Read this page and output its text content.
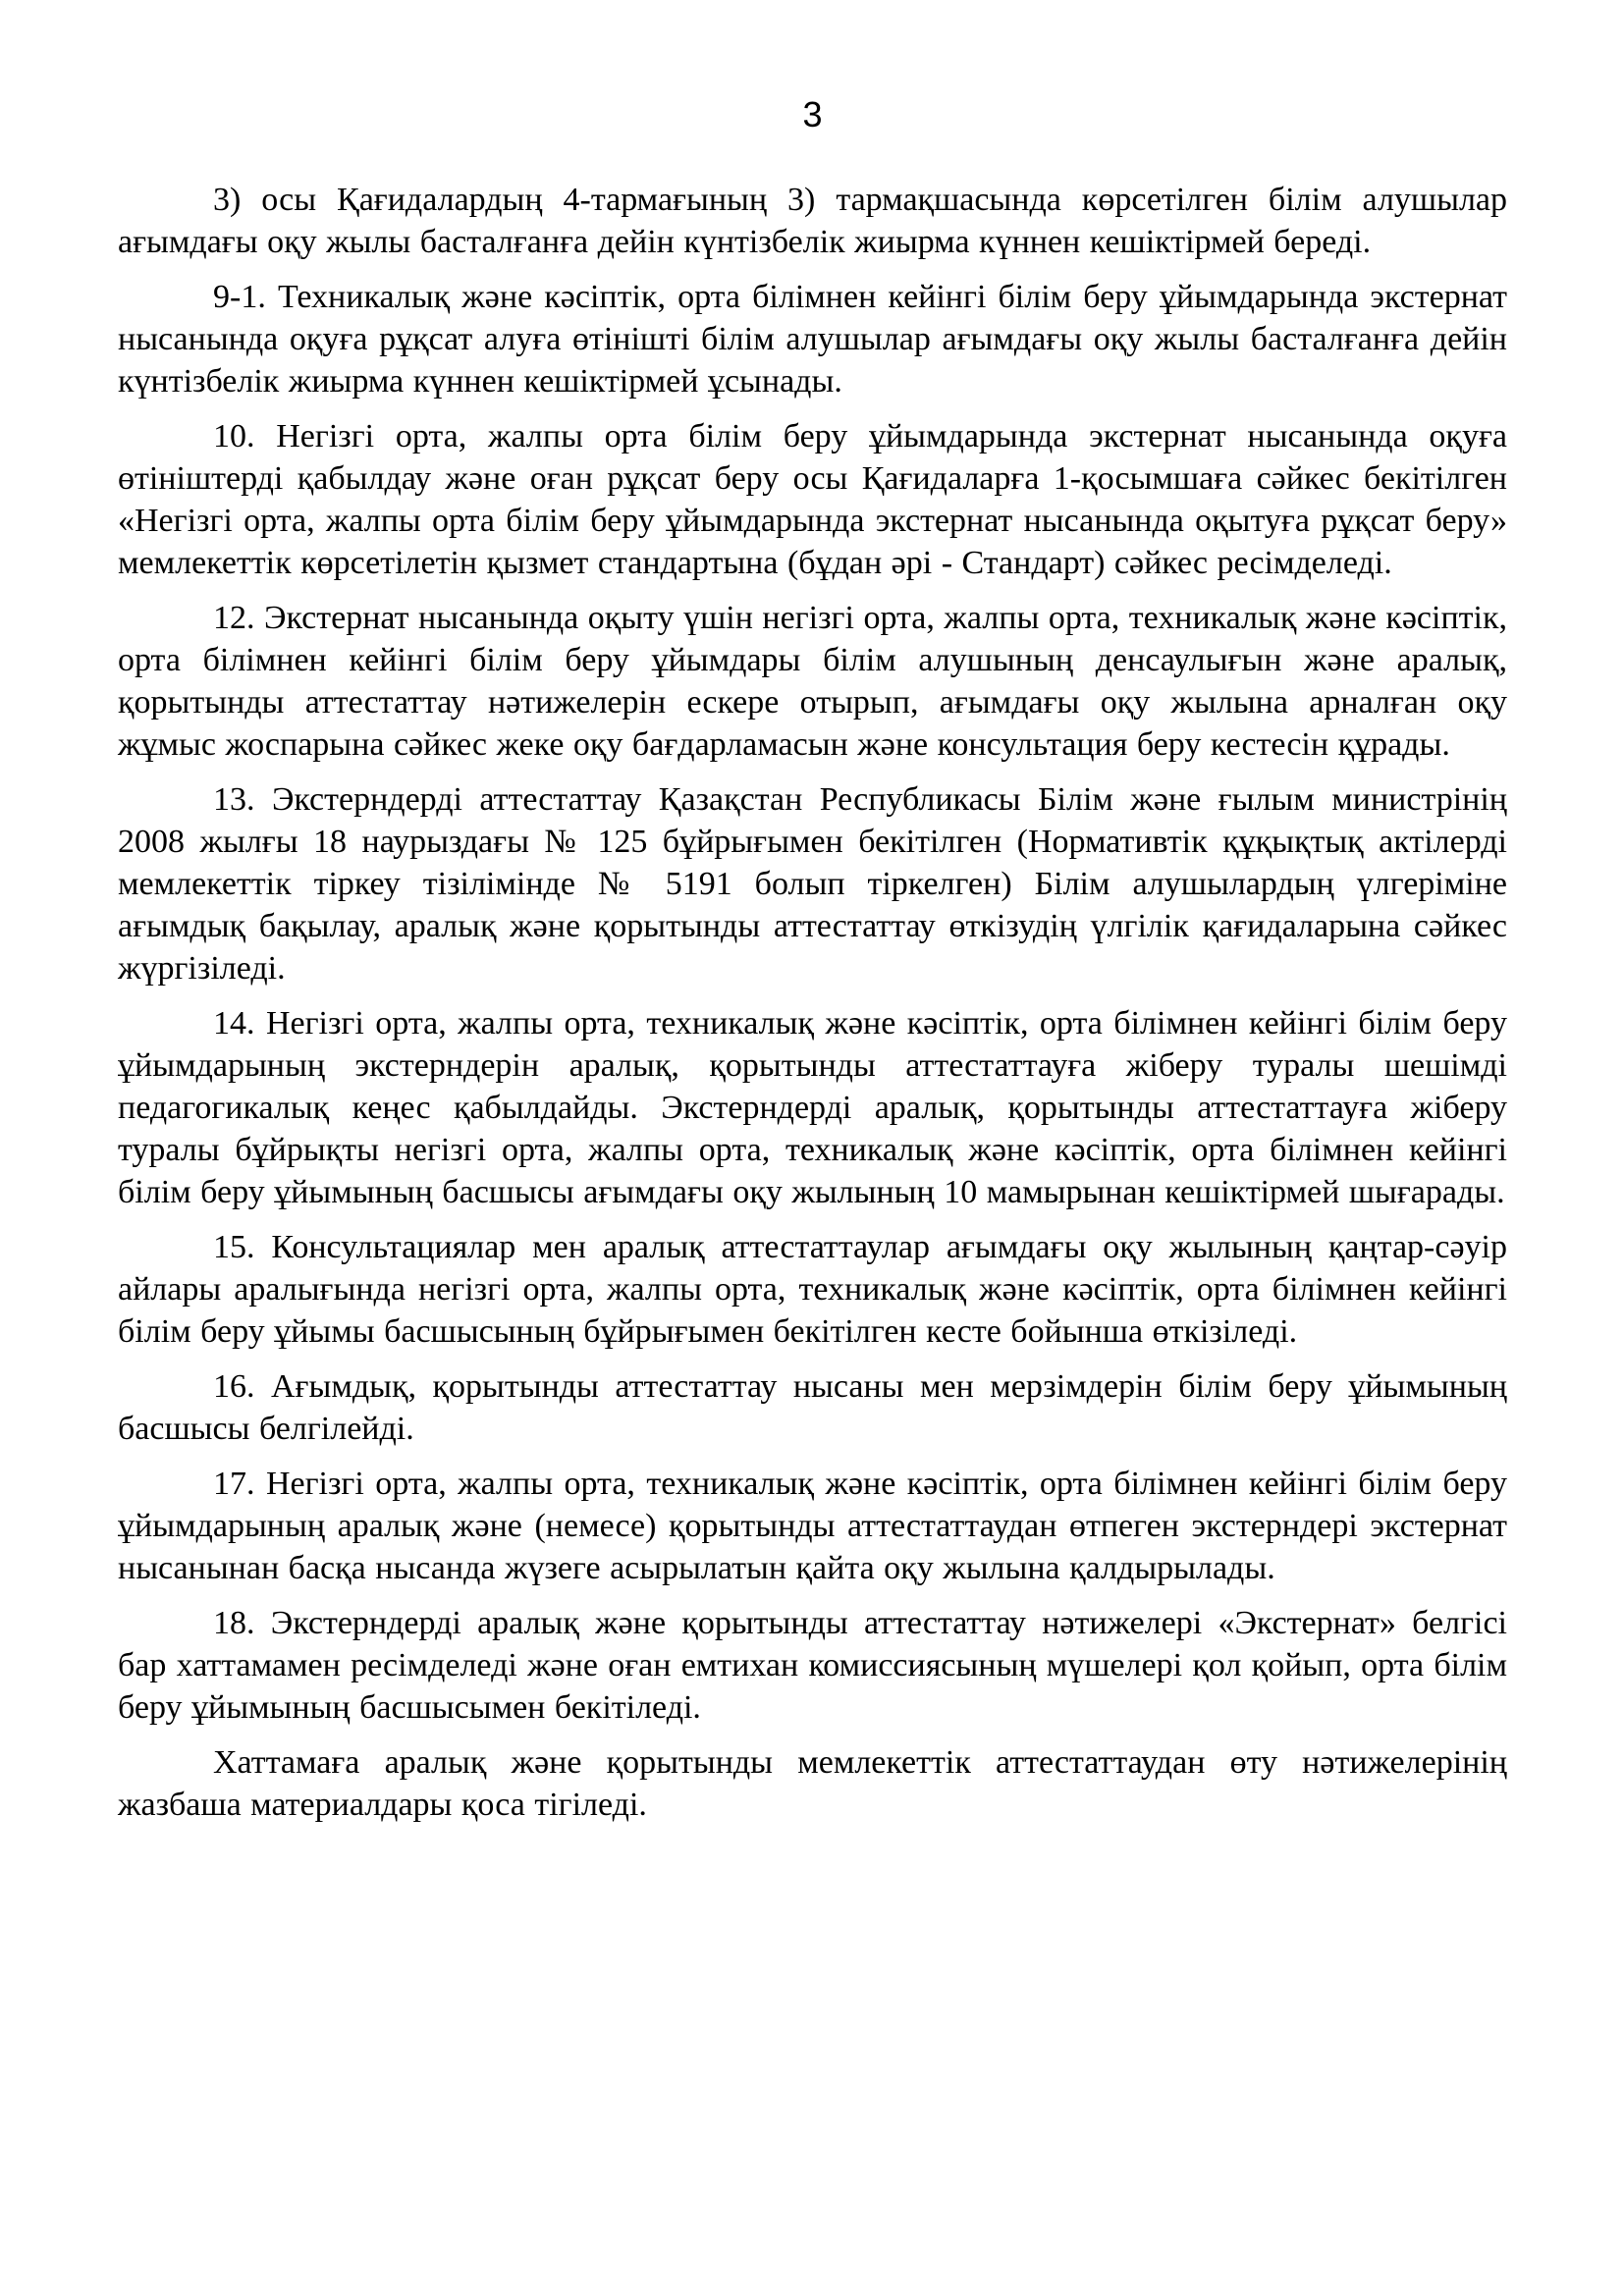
3

3) осы Қағидалардың 4-тармағының 3) тармақшасында көрсетілген білім алушылар ағымдағы оқу жылы басталғанға дейін күнтізбелік жиырма күннен кешіктірмей береді.

9-1. Техникалық және кәсіптік, орта білімнен кейінгі білім беру ұйымдарында экстернат нысанында оқуға рұқсат алуға өтінішті білім алушылар ағымдағы оқу жылы басталғанға дейін күнтізбелік жиырма күннен кешіктірмей ұсынады.

10. Негізгі орта, жалпы орта білім беру ұйымдарында экстернат нысанында оқуға өтініштерді қабылдау және оған рұқсат беру осы Қағидаларға 1-қосымшаға сәйкес бекітілген «Негізгі орта, жалпы орта білім беру ұйымдарында экстернат нысанында оқытуға рұқсат беру» мемлекеттік көрсетілетін қызмет стандартына (бұдан әрі - Стандарт) сәйкес ресімделеді.

12. Экстернат нысанында оқыту үшін негізгі орта, жалпы орта, техникалық және кәсіптік, орта білімнен кейінгі білім беру ұйымдары білім алушының денсаулығын және аралық, қорытынды аттестаттау нәтижелерін ескере отырып, ағымдағы оқу жылына арналған оқу жұмыс жоспарына сәйкес жеке оқу бағдарламасын және консультация беру кестесін құрады.

13. Экстерндерді аттестаттау Қазақстан Республикасы Білім және ғылым министрінің 2008 жылғы 18 наурыздағы № 125 бұйрығымен бекітілген (Нормативтік құқықтық актілерді мемлекеттік тіркеу тізілімінде № 5191 болып тіркелген) Білім алушылардың үлгеріміне ағымдық бақылау, аралық және қорытынды аттестаттау өткізудің үлгілік қағидаларына сәйкес жүргізіледі.

14. Негізгі орта, жалпы орта, техникалық және кәсіптік, орта білімнен кейінгі білім беру ұйымдарының экстерндерін аралық, қорытынды аттестаттауға жіберу туралы шешімді педагогикалық кеңес қабылдайды. Экстерндерді аралық, қорытынды аттестаттауға жіберу туралы бұйрықты негізгі орта, жалпы орта, техникалық және кәсіптік, орта білімнен кейінгі білім беру ұйымының басшысы ағымдағы оқу жылының 10 мамырынан кешіктірмей шығарады.

15. Консультациялар мен аралық аттестаттаулар ағымдағы оқу жылының қаңтар-сәуір айлары аралығында негізгі орта, жалпы орта, техникалық және кәсіптік, орта білімнен кейінгі білім беру ұйымы басшысының бұйрығымен бекітілген кесте бойынша өткізіледі.

16. Ағымдық, қорытынды аттестаттау нысаны мен мерзімдерін білім беру ұйымының басшысы белгілейді.

17. Негізгі орта, жалпы орта, техникалық және кәсіптік, орта білімнен кейінгі білім беру ұйымдарының аралық және (немесе) қорытынды аттестаттаудан өтпеген экстерндері экстернат нысанынан басқа нысанда жүзеге асырылатын қайта оқу жылына қалдырылады.

18. Экстерндерді аралық және қорытынды аттестаттау нәтижелері «Экстернат» белгісі бар хаттамамен ресімделеді және оған емтихан комиссиясының мүшелері қол қойып, орта білім беру ұйымының басшысымен бекітіледі.

Хаттамаға аралық және қорытынды мемлекеттік аттестаттаудан өту нәтижелерінің жазбаша материалдары қоса тігіледі.
